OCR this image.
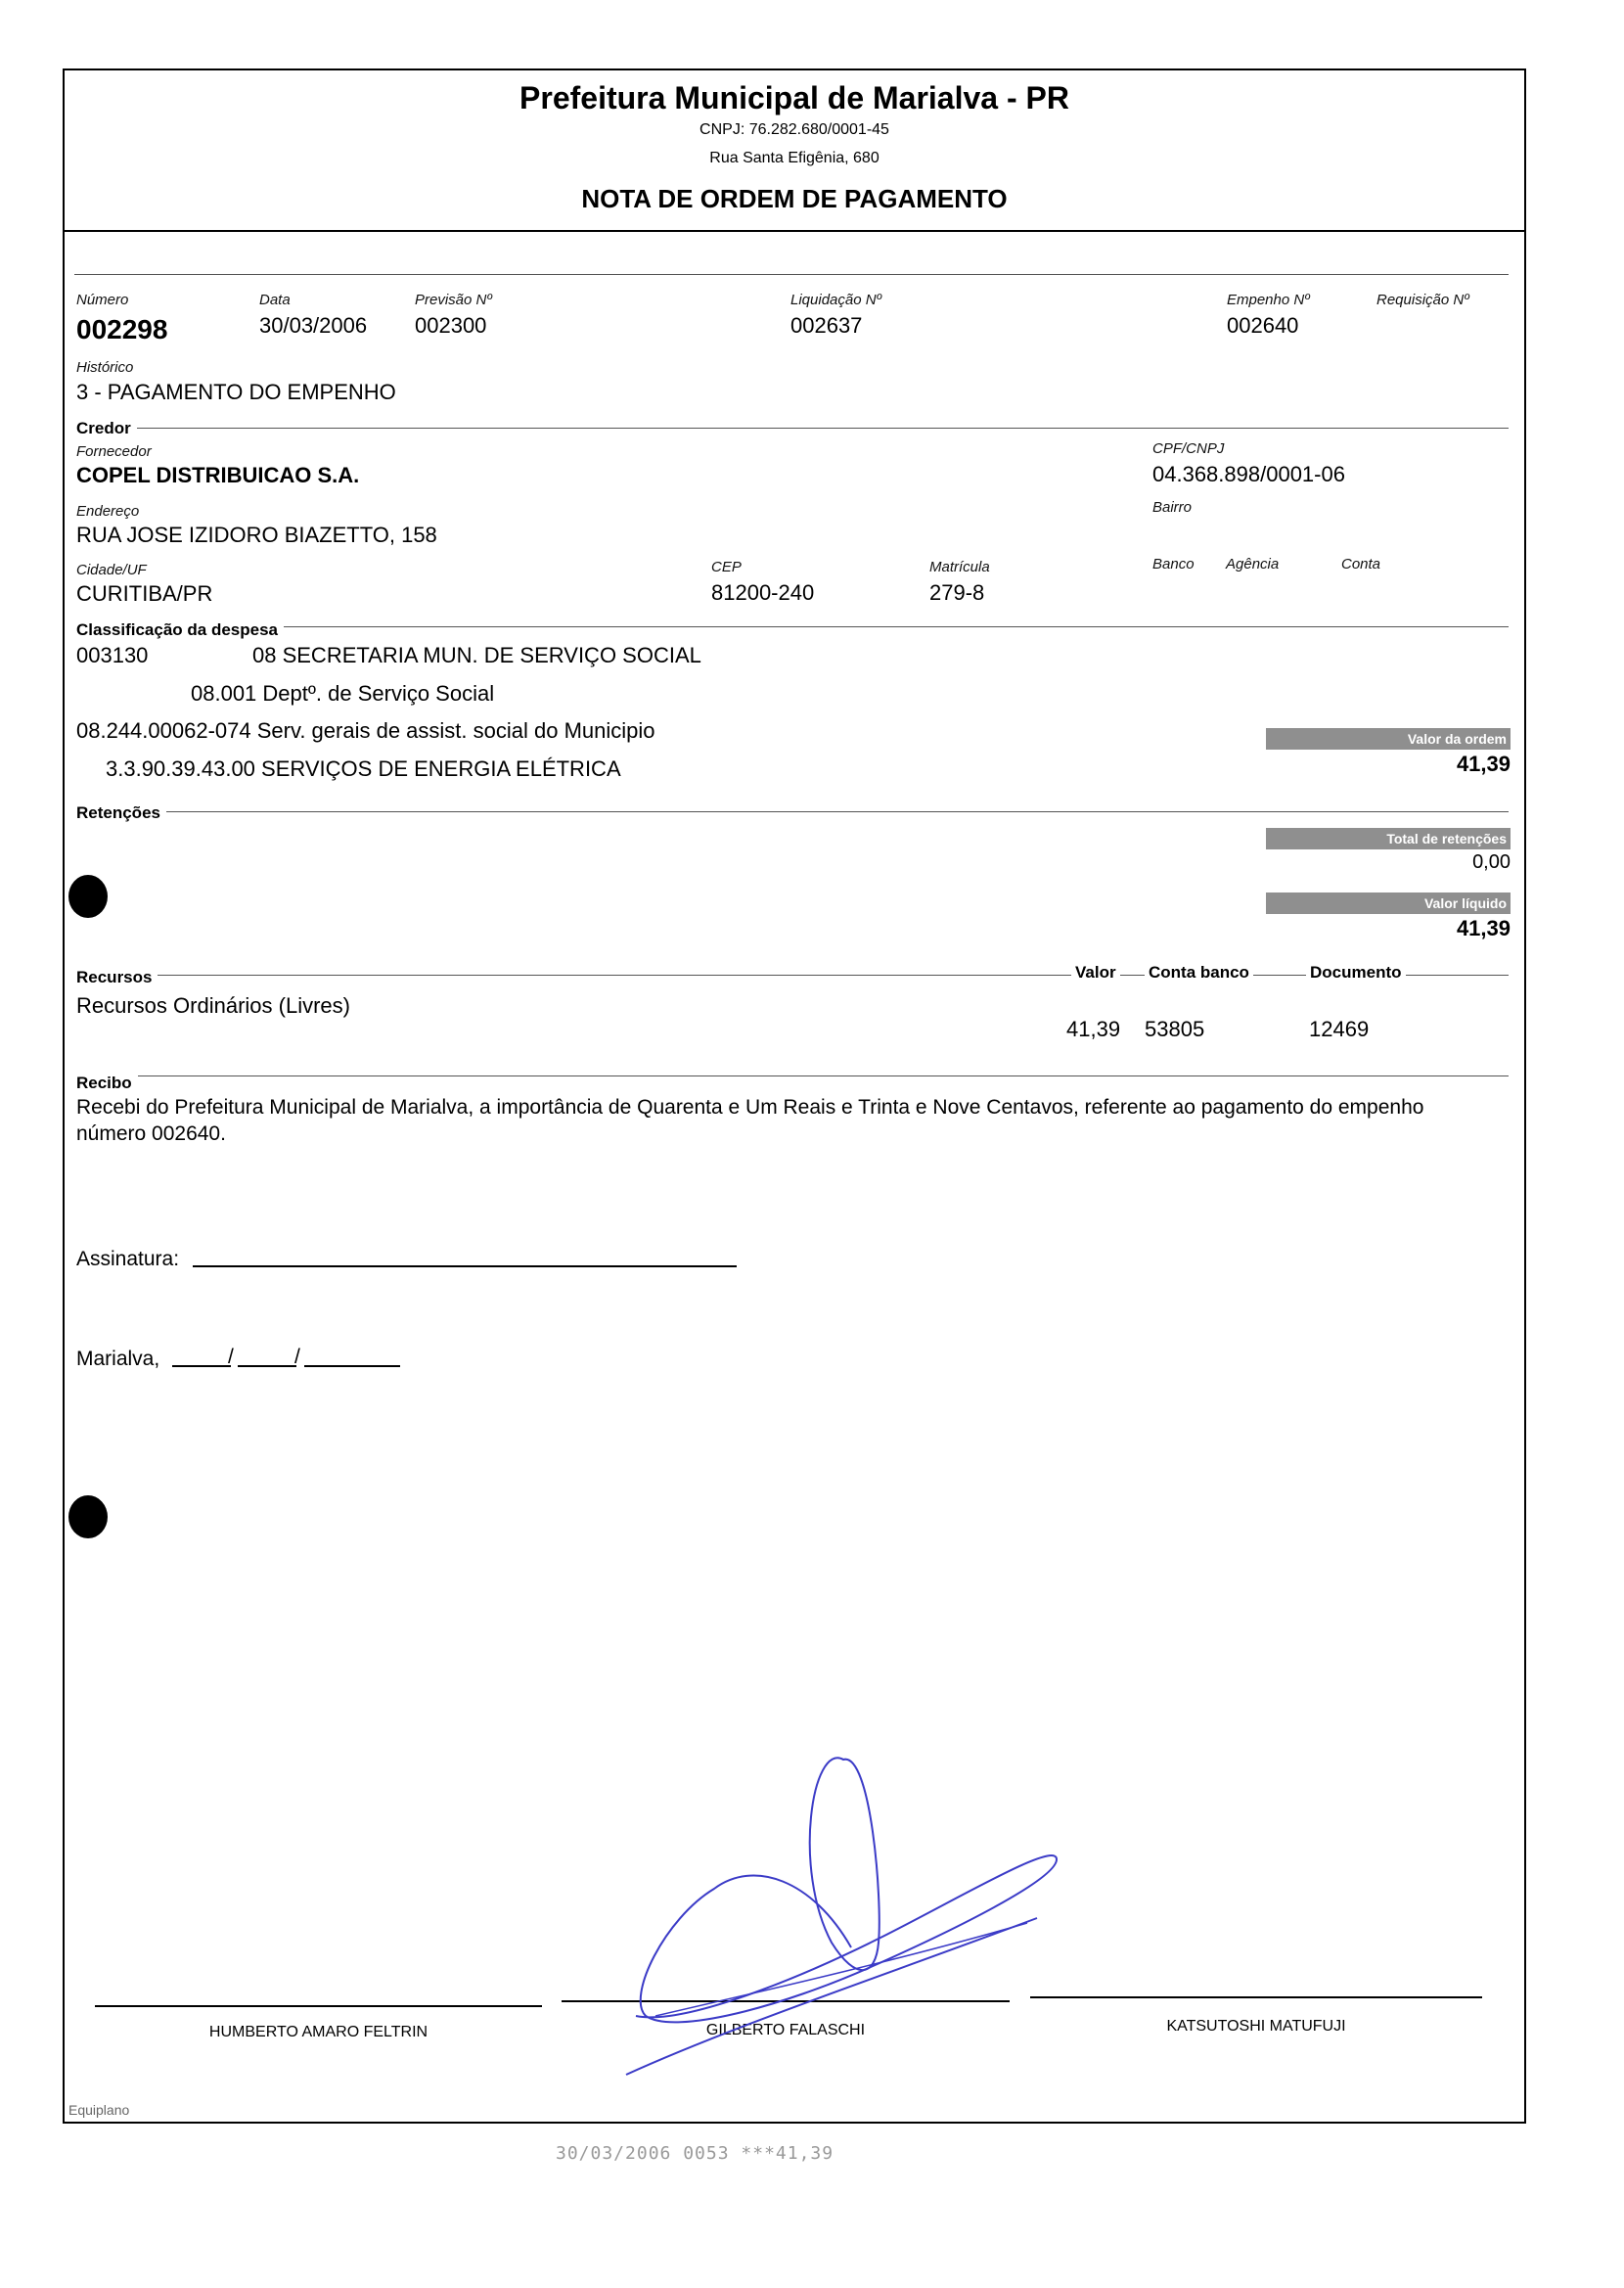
Prefeitura Municipal de Marialva - PR
CNPJ: 76.282.680/0001-45
Rua Santa Efigênia, 680
NOTA DE ORDEM DE PAGAMENTO
Número
002298
Data
30/03/2006
Previsão Nº
002300
Liquidação Nº
002637
Empenho Nº
002640
Requisição Nº
Histórico
3 - PAGAMENTO DO EMPENHO
Credor
Fornecedor
COPEL DISTRIBUICAO S.A.
CPF/CNPJ
04.368.898/0001-06
Endereço
RUA JOSE IZIDORO BIAZETTO, 158
Bairro
Cidade/UF
CURITIBA/PR
CEP
81200-240
Matrícula
279-8
Banco Agência	Conta
Classificação da despesa
003130	08 SECRETARIA MUN. DE SERVIÇO SOCIAL
08.001 Deptº. de Serviço Social
08.244.00062-074 Serv. gerais de assist. social do Municipio
3.3.90.39.43.00 SERVIÇOS DE ENERGIA ELÉTRICA
Valor da ordem
41,39
Retenções
Total de retenções
0,00
Valor líquido
41,39
Recursos	Valor Conta banco	Documento
Recursos Ordinários (Livres)
41,39 53805	12469
Recibo
Recebi do Prefeitura Municipal de Marialva, a importância de Quarenta e Um Reais e Trinta e Nove Centavos, referente ao pagamento do empenho número 002640.
Assinatura:
Marialva,	/	/
HUMBERTO AMARO FELTRIN	GILBERTO FALASCHI	KATSUTOSHI MATUFUJI
Equiplano
30/03/2006 0053 ***41,39
